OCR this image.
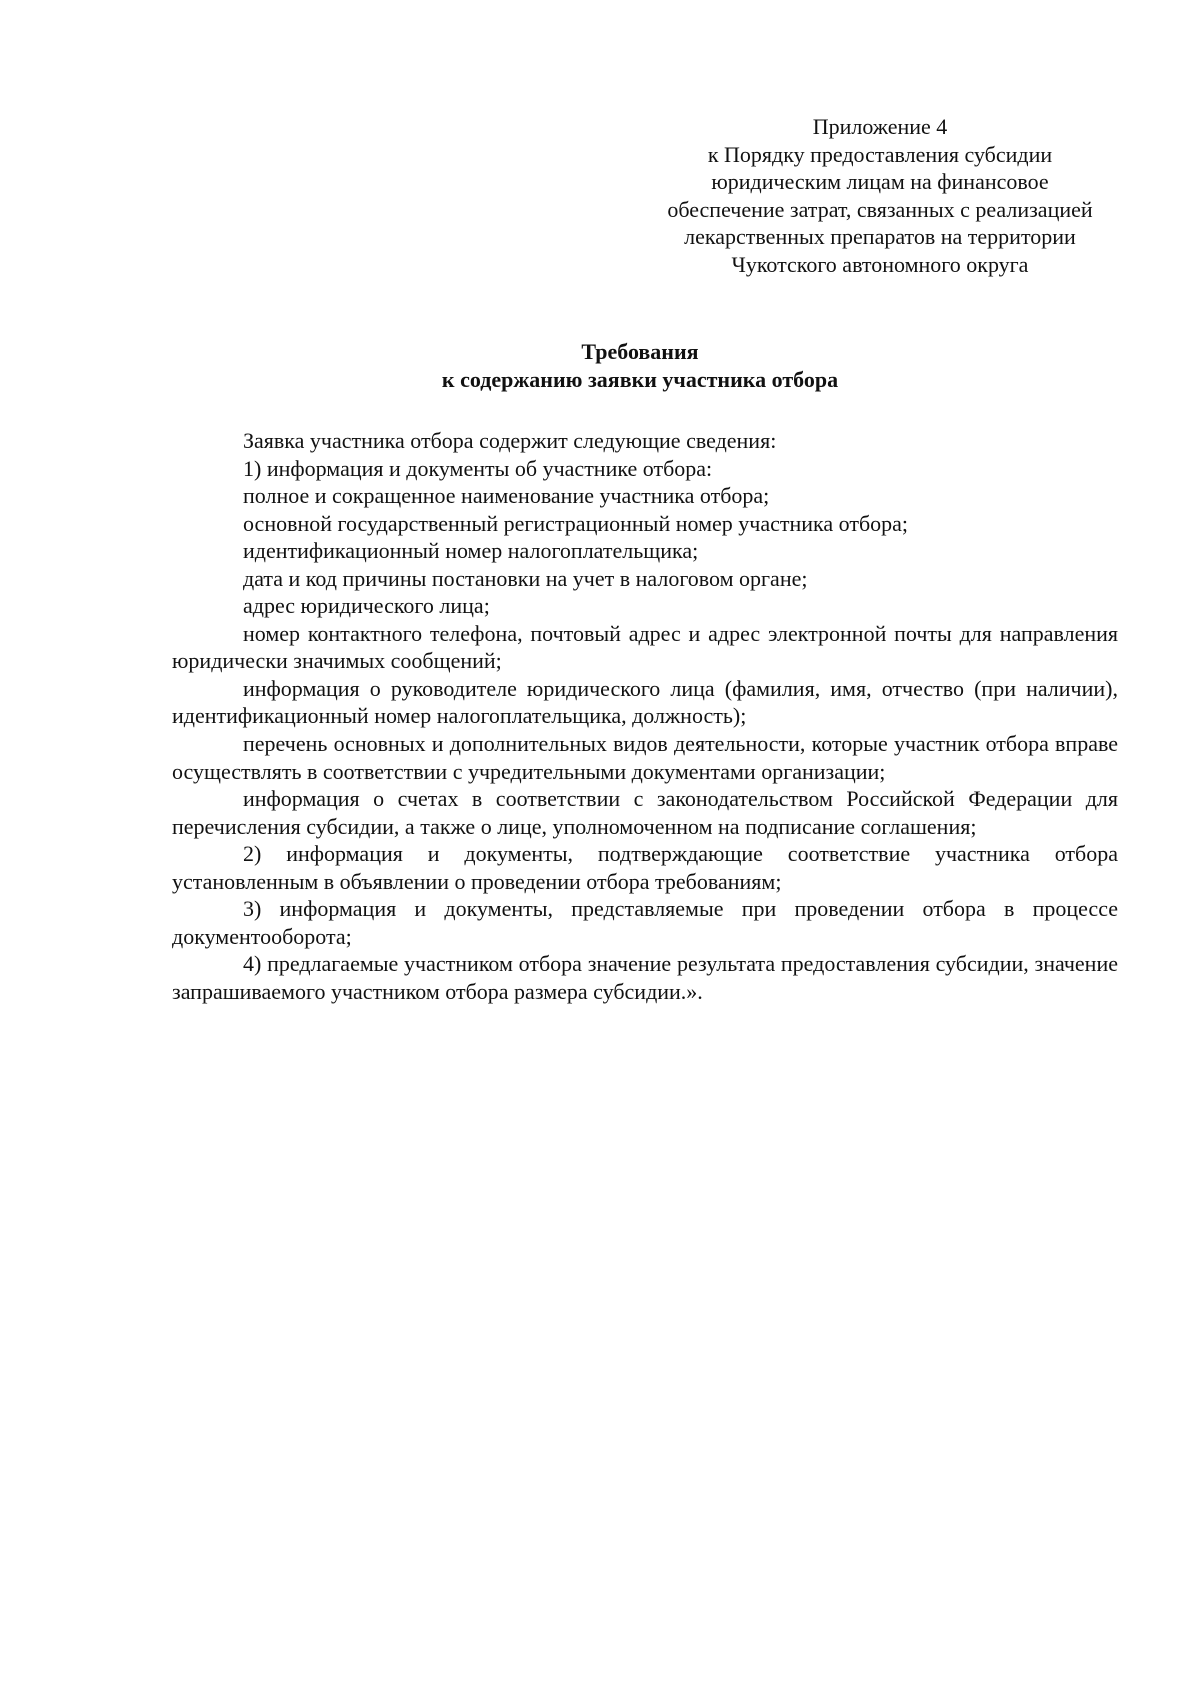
Приложение 4
к Порядку предоставления субсидии
юридическим лицам на финансовое
обеспечение затрат, связанных с реализацией
лекарственных препаратов на территории
Чукотского автономного округа
Требования
к содержанию заявки участника отбора

Заявка участника отбора содержит следующие сведения:

1) информация и документы об участнике отбора:

полное и сокращенное наименование участника отбора;

основной государственный регистрационный номер участника отбора;

идентификационный номер налогоплательщика;

дата и код причины постановки на учет в налоговом органе;

адрес юридического лица;

номер контактного телефона, почтовый адрес и адрес электронной почты для направления юридически значимых сообщений;

информация о руководителе юридического лица (фамилия, имя, отчество (при наличии), идентификационный номер налогоплательщика, должность);

перечень основных и дополнительных видов деятельности, которые участник отбора вправе осуществлять в соответствии с учредительными документами организации;

информация о счетах в соответствии с законодательством Российской Федерации для перечисления субсидии, а также о лице, уполномоченном на подписание соглашения;

2) информация и документы, подтверждающие соответствие участника отбора установленным в объявлении о проведении отбора требованиям;

3) информация и документы, представляемые при проведении отбора в процессе документооборота;

4) предлагаемые участником отбора значение результата предоставления субсидии, значение запрашиваемого участником отбора размера субсидии.».
